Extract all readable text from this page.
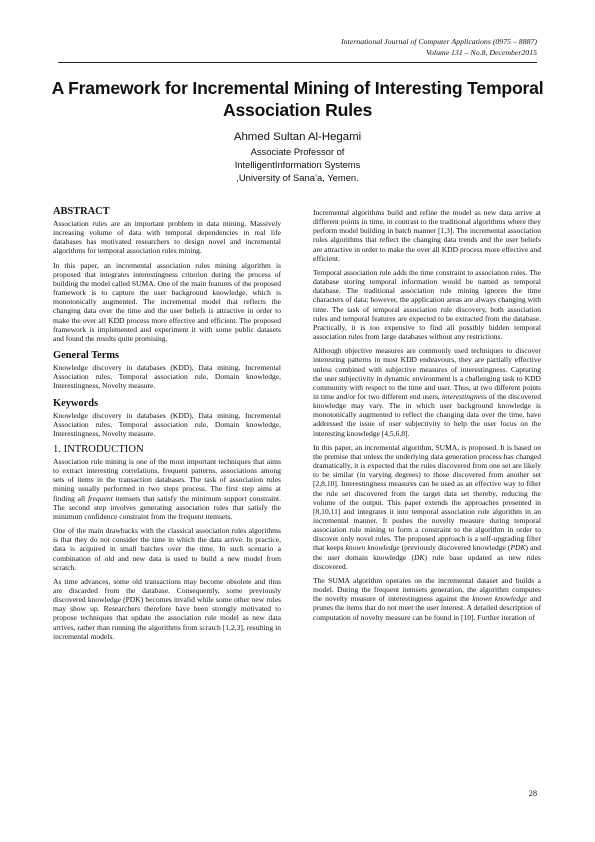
International Journal of Computer Applications (0975 – 8887)
Volume 131 – No.8, December2015
A Framework for Incremental Mining of Interesting Temporal Association Rules
Ahmed Sultan Al-Hegami
Associate Professor of
IntelligentInformation Systems
,University of Sana’a, Yemen.
ABSTRACT

Association rules are an important problem in data mining. Massively increasing volume of data with temporal dependencies in real life databases has motivated researchers to design novel and incremental algorithms for temporal association rules mining.

In this paper, an incremental association rules mining algorithm is proposed that integrates interestingness criterion during the process of building the model called SUMA. One of the main features of the proposed framework is to capture the user background knowledge, which is monotonically augmented. The incremental model that reflects the changing data over the time and the user beliefs is attractive in order to make the over all KDD process more effective and efficient. The proposed framework is implemented and experiment it with some public datasets and found the results quite promising.

General Terms

Knowledge discovery in databases (KDD), Data mining, Incremental Association rules, Temporal association rule, Domain knowledge, Interestingness, Novelty measure.

Keywords

Knowledge discovery in databases (KDD), Data mining, Incremental Association rules, Temporal association rule, Domain knowledge, Interestingness, Novelty measure.

1. INTRODUCTION

Association rule mining is one of the most important techniques that aims to extract interesting correlations, frequent patterns, associations among sets of items in the transaction databases. The task of association rules mining usually performed in two steps process. The first step aims at finding all frequent itemsets that satisfy the minimum support constraint. The second step involves generating association rules that satisfy the minimum confidence constraint from the frequent itemsets.

One of the main drawbacks with the classical association rules algorithms is that they do not consider the time in which the data arrive. In practice, data is acquired in small batches over the time. In such scenario a combination of old and new data is used to build a new model from scratch.

As time advances, some old transactions may become obsolete and thus are discarded from the database. Consequently, some previously discovered knowledge (PDK) becomes invalid while some other new rules may show up. Researchers therefore have been strongly motivated to propose techniques that update the association rule model as new data arrives, rather than running the algorithms from scratch [1,2,3], resulting in incremental models.

Incremental algorithms build and refine the model as new data arrive at different points in time, in contrast to the traditional algorithms where they perform model building in batch manner [1,3]. The incremental association rules algorithms that reflect the changing data trends and the user beliefs are attractive in order to make the over all KDD process more effective and efficient.

Temporal association rule adds the time constraint to association rules. The database storing temporal information would be named as temporal database. The traditional association rule mining ignores the time characters of data; however, the application areas are always changing with time. The task of temporal association rule discovery, both association rules and temporal features are expected to be extracted from the database. Practically, it is too expensive to find all possibly hidden temporal association rules from large databases without any restrictions.

Although objective measures are commonly used techniques to discover interesting patterns in most KDD endeavours, they are partially effective unless combined with subjective measures of interestingness. Capturing the user subjectivity in dynamic environment is a challenging task to KDD community with respect to the time and user. Thus, at two different points in time and/or for two different end users, interestingness of the discovered knowledge may vary. The in which user background knowledge is monotonically augmented to reflect the changing data over the time, have addressed the issue of user subjectivity to help the user focus on the interesting knowledge [4,5,6,8].

In this paper, an incremental algorithm, SUMA, is proposed. It is based on the premise that unless the underlying data generation process has changed dramatically, it is expected that the rules discovered from one set are likely to be similar (in varying degrees) to those discovered from another set [2,8,10]. Interestingness measures can be used as an effective way to filter the rule set discovered from the target data set thereby, reducing the volume of the output. This paper extends the approaches presented in [8,10,11] and integrates it into temporal association rule algorithm in an incremental manner. It pushes the novelty measure during temporal association rule mining to form a constraint to the algorithm in order to discover only novel rules. The proposed approach is a self-upgrading filter that keeps known knowledge (previously discovered knowledge (PDK) and the user domain knowledge (DK) rule base updated as new rules discovered.

The SUMA algorithm operates on the incremental dataset and builds a model. During the frequent itemsets generation, the algorithm computes the novelty measure of interestingness against the known knowledge and prunes the items that do not meet the user interest. A detailed description of computation of novelty measure can be found in [10]. Further iteration of

28
